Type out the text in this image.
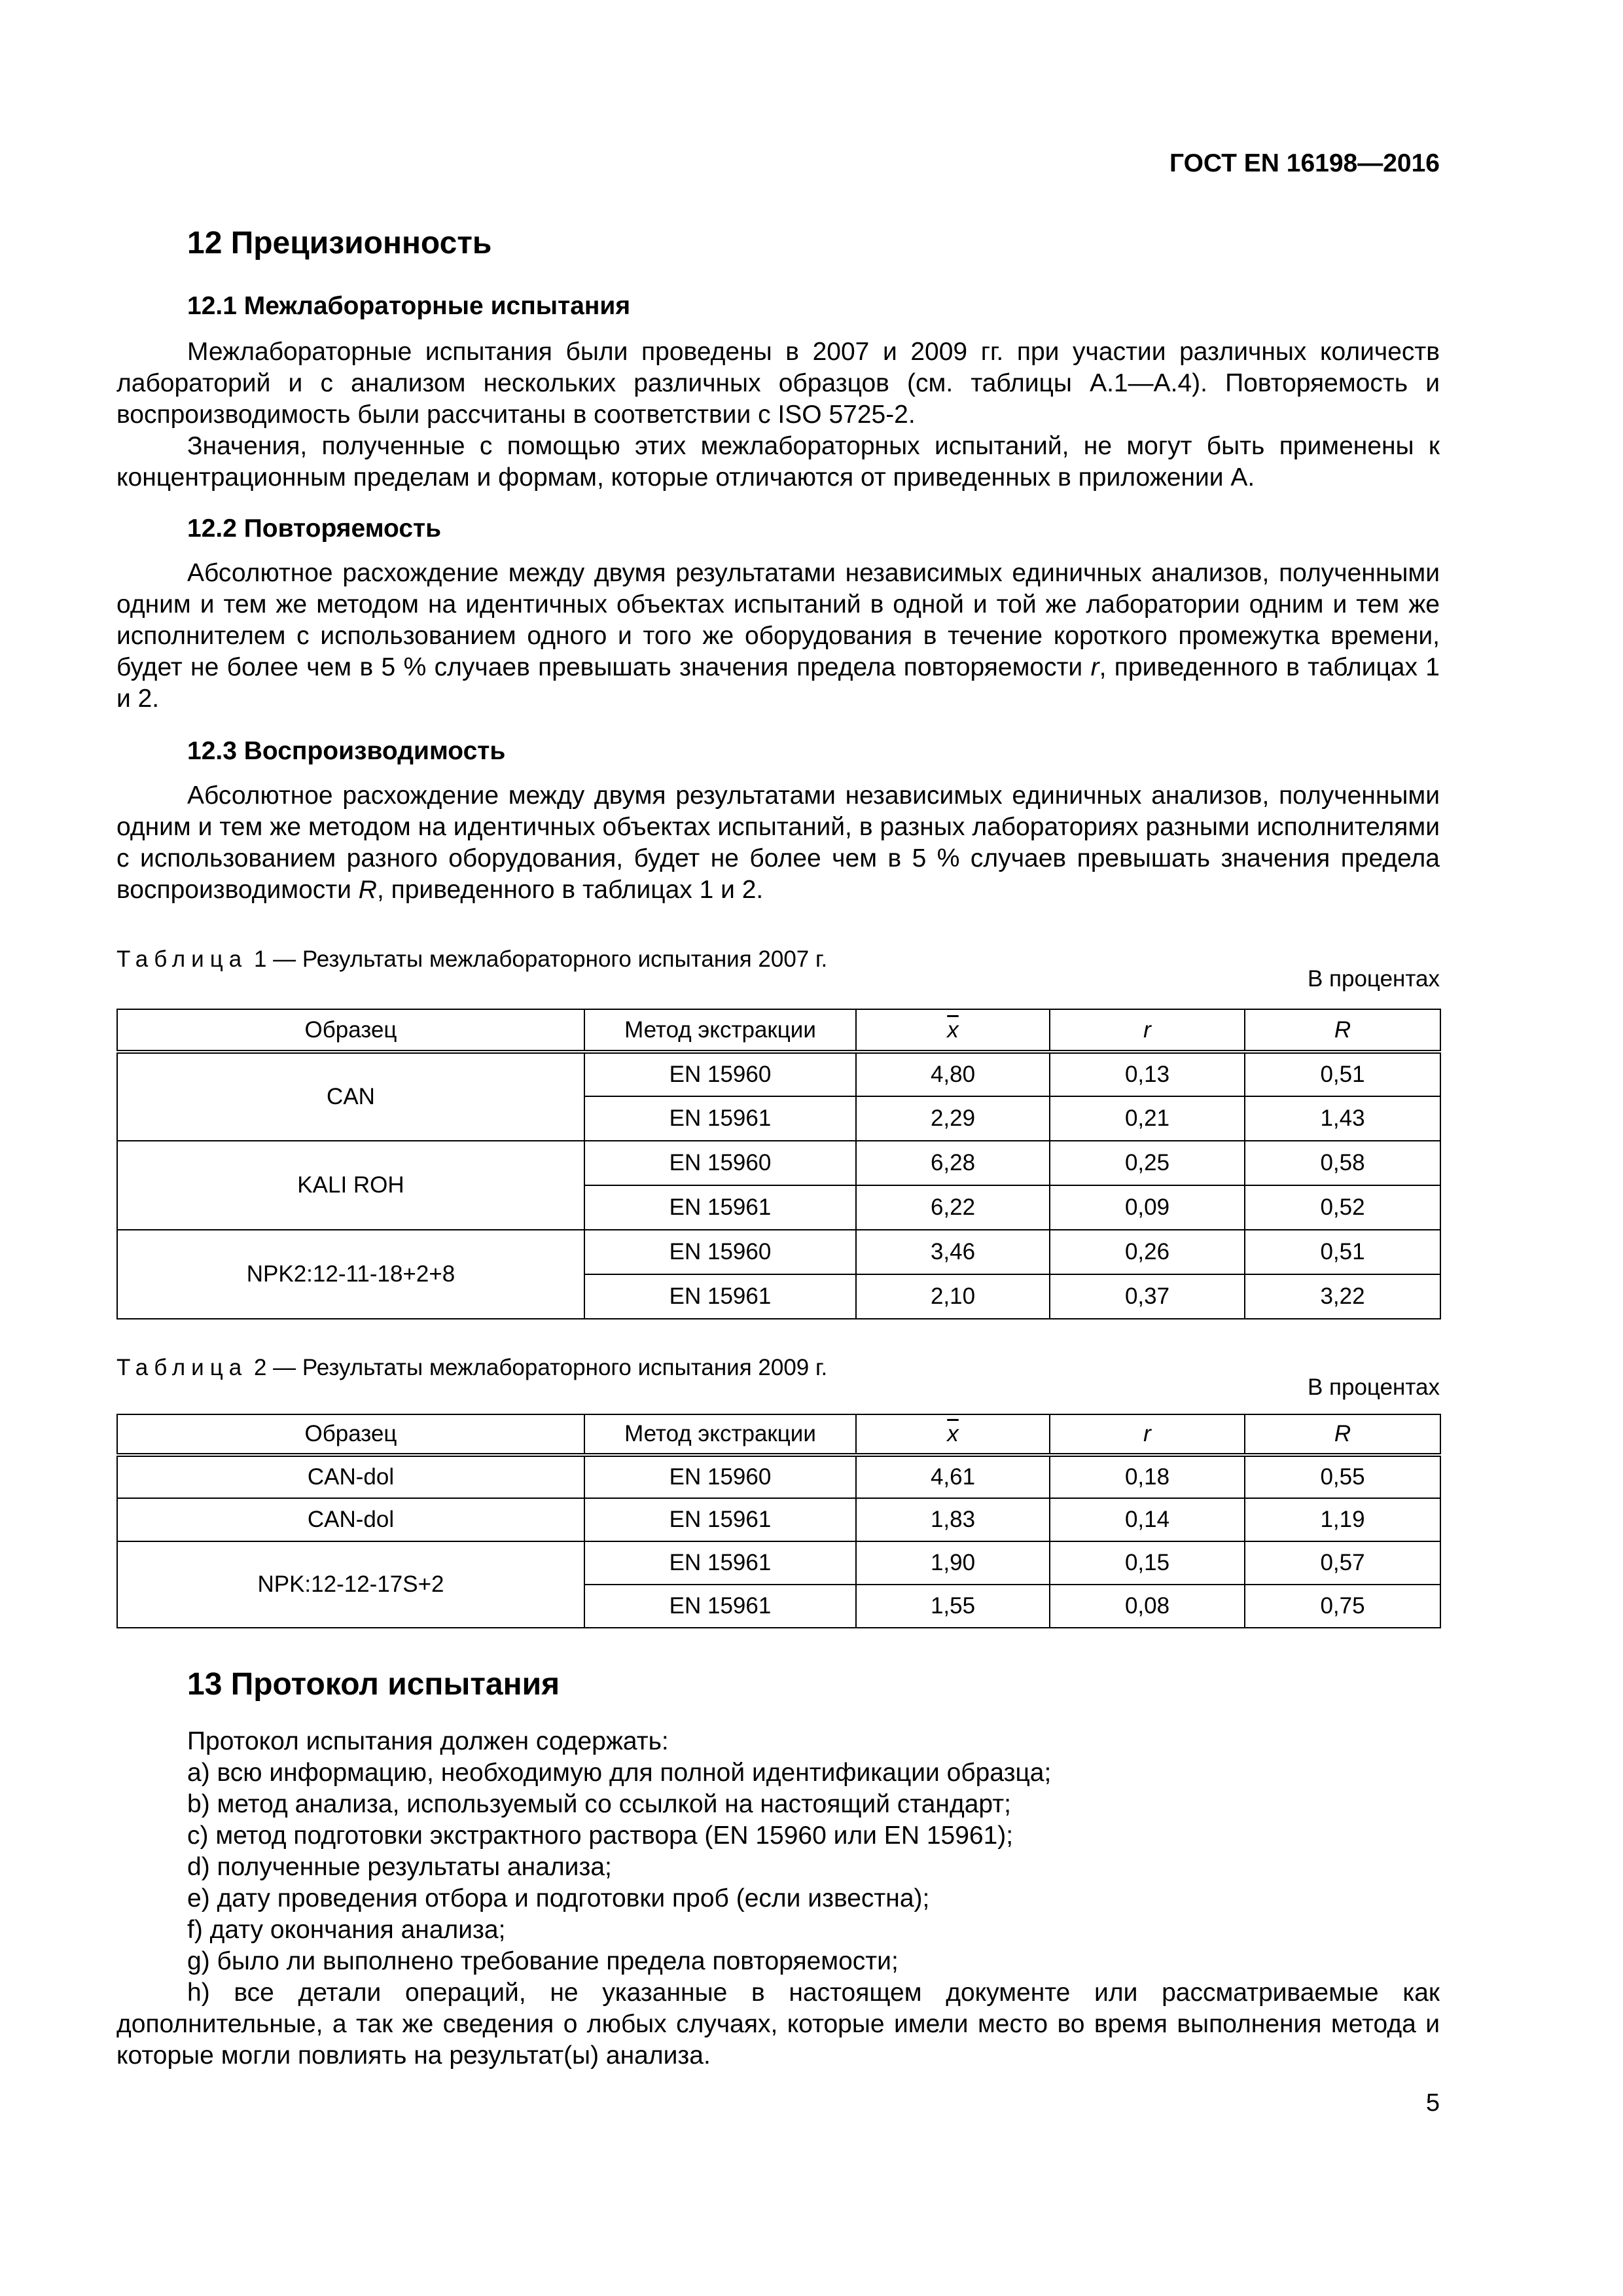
ГОСТ EN 16198—2016
12 Прецизионность
12.1 Межлабораторные испытания

Межлабораторные испытания были проведены в 2007 и 2009 гг. при участии различных количеств лабораторий и с анализом нескольких различных образцов (см. таблицы А.1—А.4). Повторяемость и воспроизводимость были рассчитаны в соответствии с ISO 5725-2.

Значения, полученные с помощью этих межлабораторных испытаний, не могут быть применены к концентрационным пределам и формам, которые отличаются от приведенных в приложении А.

12.2 Повторяемость

Абсолютное расхождение между двумя результатами независимых единичных анализов, полученными одним и тем же методом на идентичных объектах испытаний в одной и той же лаборатории одним и тем же исполнителем с использованием одного и того же оборудования в течение короткого промежутка времени, будет не более чем в 5 % случаев превышать значения предела повторяемости r, приведенного в таблицах 1 и 2.

12.3 Воспроизводимость

Абсолютное расхождение между двумя результатами независимых единичных анализов, полученными одним и тем же методом на идентичных объектах испытаний, в разных лабораториях разными исполнителями с использованием разного оборудования, будет не более чем в 5 % случаев превышать значения предела воспроизводимости R, приведенного в таблицах 1 и 2.

Таблица 1 — Результаты межлабораторного испытания 2007 г.
В процентах
Образец	Метод экстракции	$\overline{x}$	r	R
CAN	EN 15960	4,80	0,13	0,51
	EN 15961	2,29	0,21	1,43
KALI ROH	EN 15960	6,28	0,25	0,58
	EN 15961	6,22	0,09	0,52
NPK2:12-11-18+2+8	EN 15960	3,46	0,26	0,51
	EN 15961	2,10	0,37	3,22
Таблица 2 — Результаты межлабораторного испытания 2009 г.
В процентах
Образец	Метод экстракции	$\overline{x}$	r	R
CAN-dol	EN 15960	4,61	0,18	0,55
CAN-dol	EN 15961	1,83	0,14	1,19
NPK:12-12-17S+2	EN 15961	1,90	0,15	0,57
	EN 15961	1,55	0,08	0,75
13 Протокол испытания
Протокол испытания должен содержать:
a) всю информацию, необходимую для полной идентификации образца;
b) метод анализа, используемый со ссылкой на настоящий стандарт;
c) метод подготовки экстрактного раствора (EN 15960 или EN 15961);
d) полученные результаты анализа;
e) дату проведения отбора и подготовки проб (если известна);
f) дату окончания анализа;
g) было ли выполнено требование предела повторяемости;
h) все детали операций, не указанные в настоящем документе или рассматриваемые как дополнительные, а так же сведения о любых случаях, которые имели место во время выполнения метода и которые могли повлиять на результат(ы) анализа.
5
